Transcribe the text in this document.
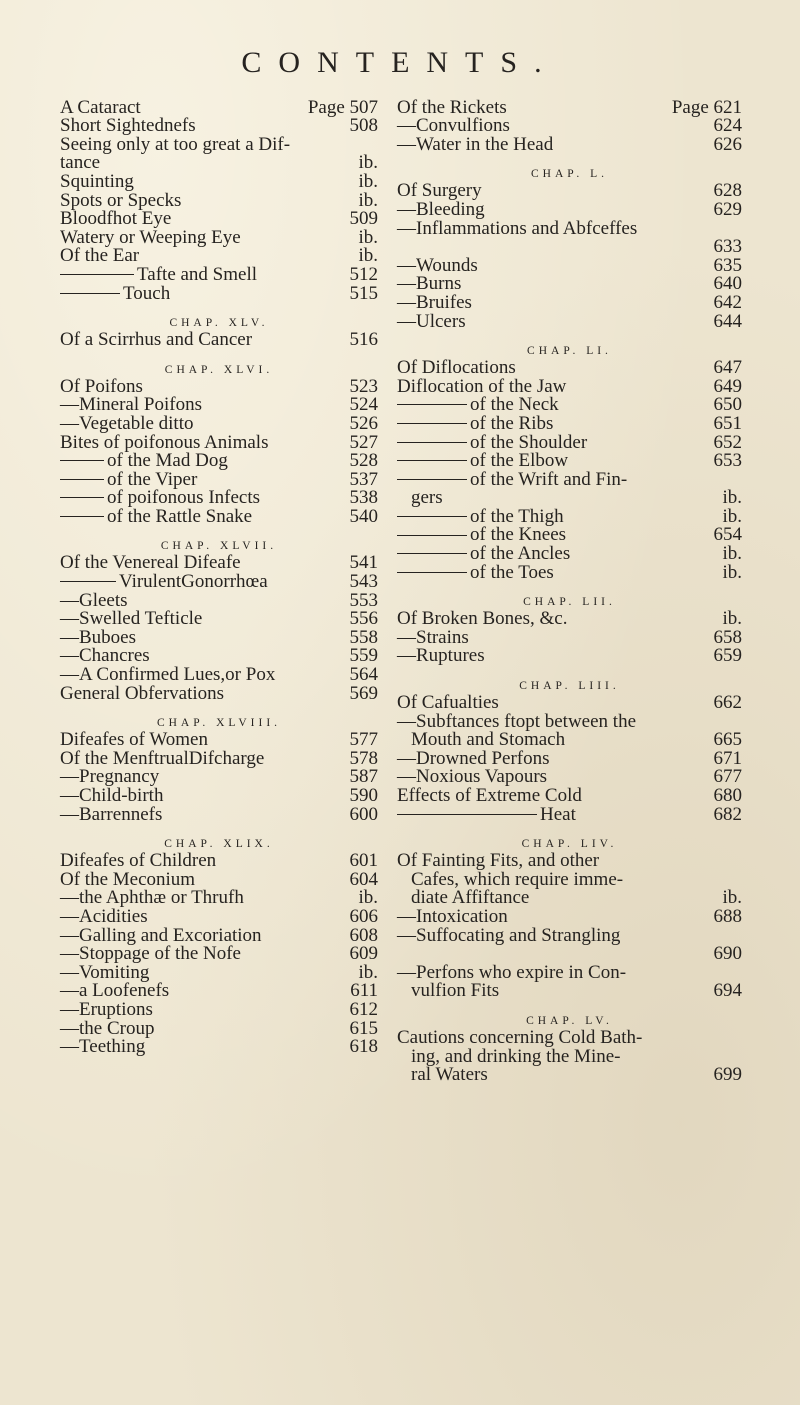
CONTENTS.
A Cataract	Page 507
Short Sightednefs	508
Seeing only at too great a Dif-
tance	ib.
Squinting	ib.
Spots or Specks	ib.
Bloodfhot Eye	509
Watery or Weeping Eye	ib.
Of the Ear	ib.
Tafte and Smell	512
Touch	515
CHAP. XLV.
Of a Scirrhus and Cancer	516
CHAP. XLVI.
Of Poifons	523
—Mineral Poifons	524
—Vegetable ditto	526
Bites of poifonous Animals	527
of the Mad Dog	528
of the Viper	537
of poifonous Infects	538
of the Rattle Snake	540
CHAP. XLVII.
Of the Venereal Difeafe	541
VirulentGonorrhœa	543
—Gleets	553
—Swelled Tefticle	556
—Buboes	558
—Chancres	559
—A Confirmed Lues,or Pox	564
General Obfervations	569
CHAP. XLVIII.
Difeafes of Women	577
Of the MenftrualDifcharge	578
—Pregnancy	587
—Child-birth	590
—Barrennefs	600
CHAP. XLIX.
Difeafes of Children	601
Of the Meconium	604
—the Aphthæ or Thrufh	ib.
—Acidities	606
—Galling and Excoriation	608
—Stoppage of the Nofe	609
—Vomiting	ib.
—a Loofenefs	611
—Eruptions	612
—the Croup	615
—Teething	618
Of the Rickets	Page 621
—Convulfions	624
—Water in the Head	626
CHAP. L.
Of Surgery	628
—Bleeding	629
—Inflammations and Abfceffes
633
—Wounds	635
—Burns	640
—Bruifes	642
—Ulcers	644
CHAP. LI.
Of Diflocations	647
Diflocation of the Jaw	649
of the Neck	650
of the Ribs	651
of the Shoulder	652
of the Elbow	653
of the Wrift and Fin-
gers	ib.
of the Thigh	ib.
of the Knees	654
of the Ancles	ib.
of the Toes	ib.
CHAP. LII.
Of Broken Bones, &c.	ib.
—Strains	658
—Ruptures	659
CHAP. LIII.
Of Cafualties	662
—Subftances ftopt between the
Mouth and Stomach	665
—Drowned Perfons	671
—Noxious Vapours	677
Effects of Extreme Cold	680
Heat	682
CHAP. LIV.
Of Fainting Fits, and other
Cafes, which require imme-
diate Affiftance	ib.
—Intoxication	688
—Suffocating and Strangling
690
—Perfons who expire in Con-
vulfion Fits	694
CHAP. LV.
Cautions concerning Cold Bath-
ing, and drinking the Mine-
ral Waters	699
